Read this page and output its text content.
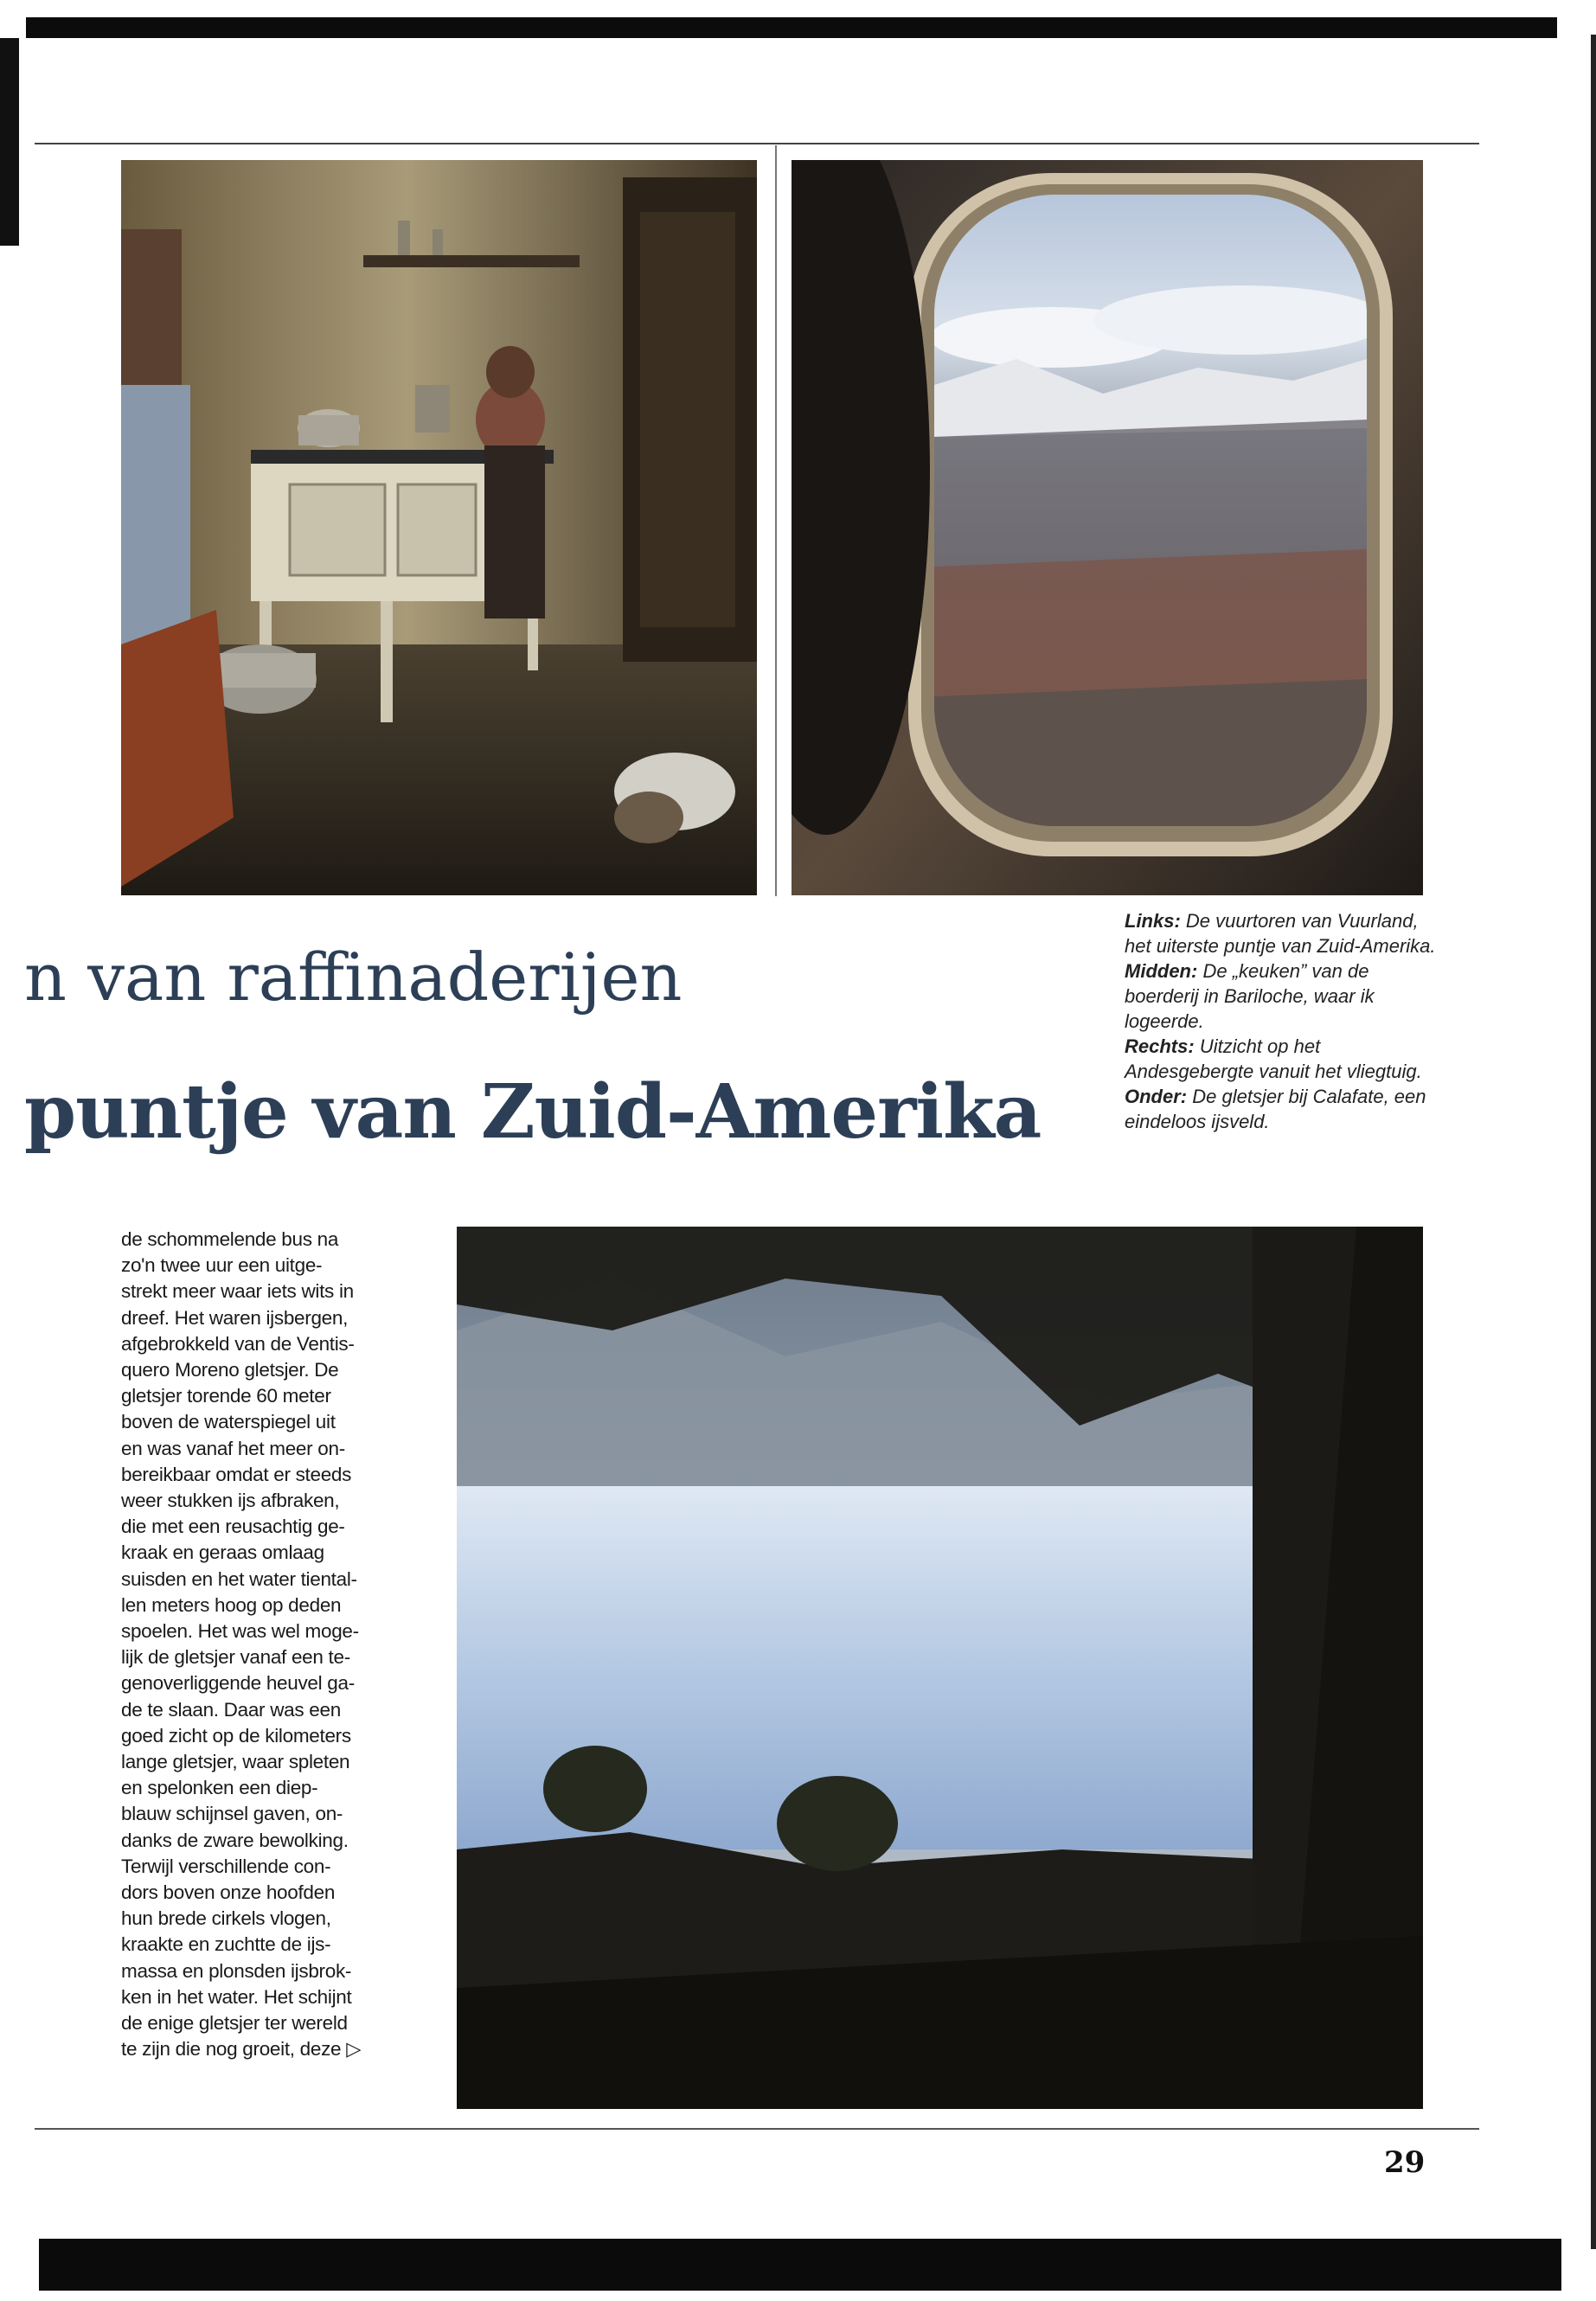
n van raffinaderijen
puntje van Zuid-Amerika

Links: De vuurtoren van Vuurland, het uiterste puntje van Zuid-Amerika.

Midden: De „keuken” van de boerderij in Bariloche, waar ik logeerde.

Rechts: Uitzicht op het Andesgebergte vanuit het vliegtuig.

Onder: De gletsjer bij Calafate, een eindeloos ijsveld.

de schommelende bus na
zo'n twee uur een uitge-
strekt meer waar iets wits in
dreef. Het waren ijsbergen,
afgebrokkeld van de Ventis-
quero Moreno gletsjer. De
gletsjer torende 60 meter
boven de waterspiegel uit
en was vanaf het meer on-
bereikbaar omdat er steeds
weer stukken ijs afbraken,
die met een reusachtig ge-
kraak en geraas omlaag
suisden en het water tiental-
len meters hoog op deden
spoelen. Het was wel moge-
lijk de gletsjer vanaf een te-
genoverliggende heuvel ga-
de te slaan. Daar was een
goed zicht op de kilometers
lange gletsjer, waar spleten
en spelonken een diep-
blauw schijnsel gaven, on-
danks de zware bewolking.
Terwijl verschillende con-
dors boven onze hoofden
hun brede cirkels vlogen,
kraakte en zuchtte de ijs-
massa en plonsden ijsbrok-
ken in het water. Het schijnt
de enige gletsjer ter wereld
te zijn die nog groeit, deze ▷
29
